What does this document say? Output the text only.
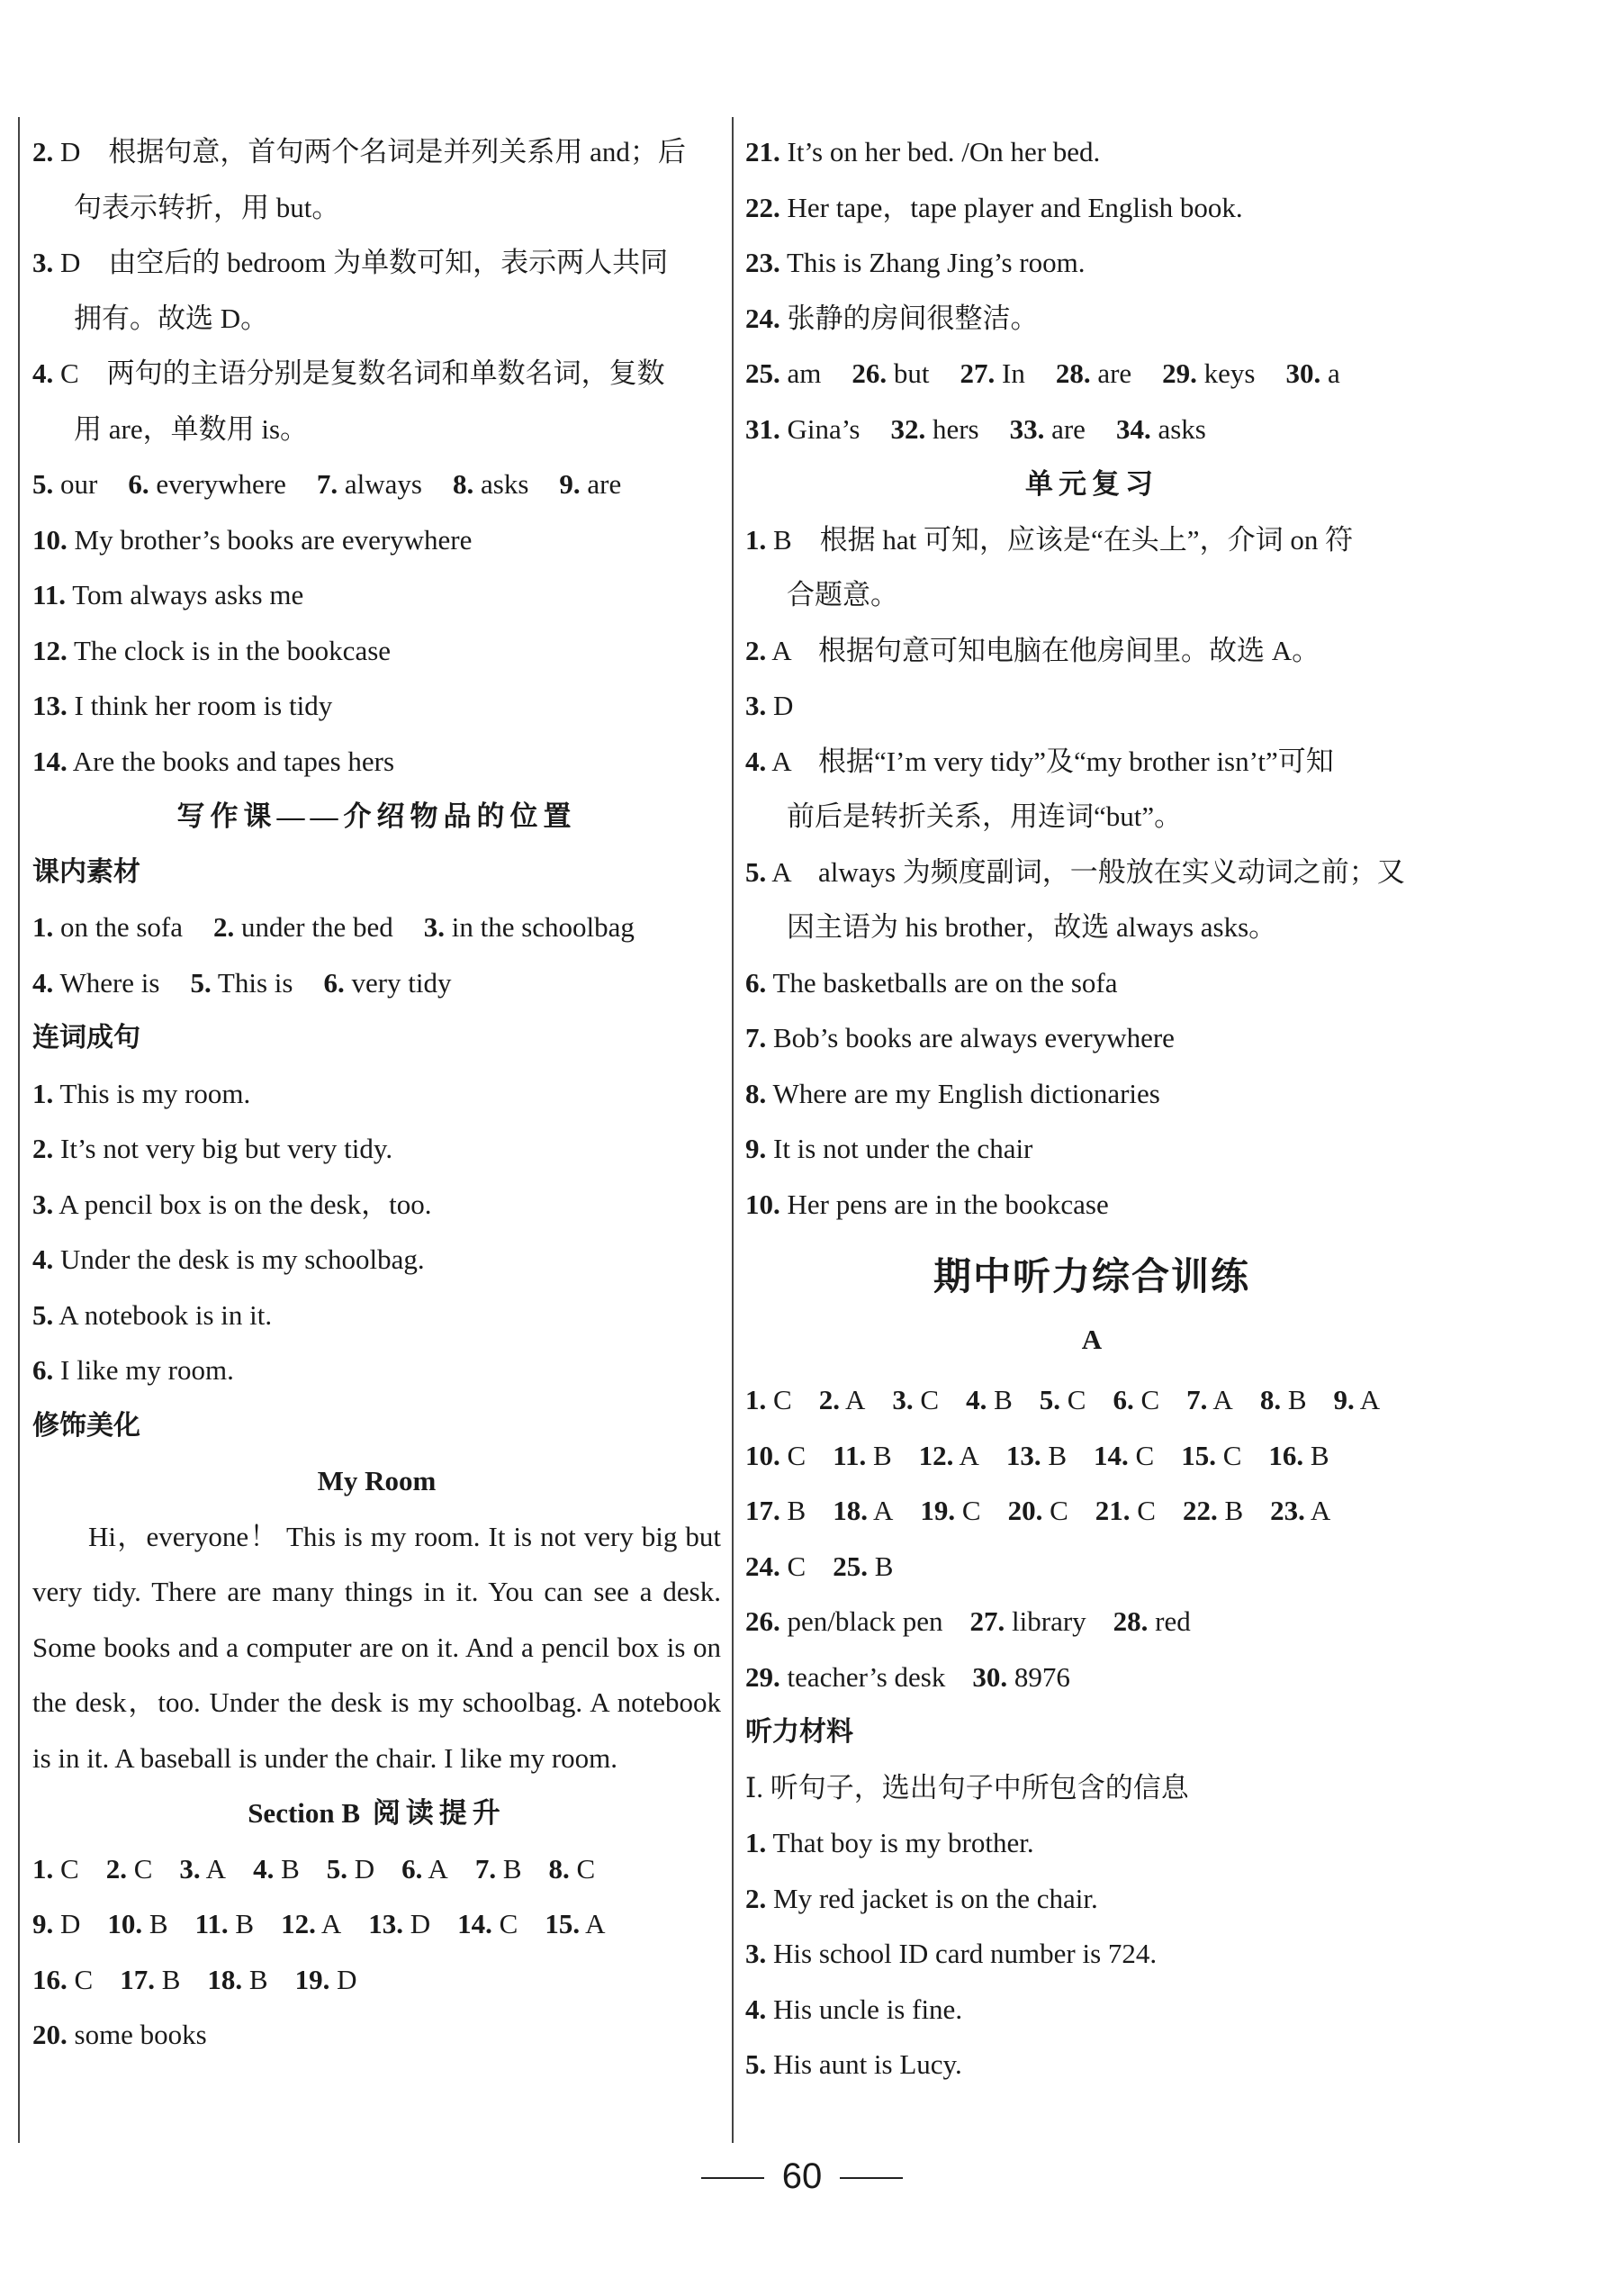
2. D　根据句意，首句两个名词是并列关系用 and；后
句表示转折，用 but。
3. D　由空后的 bedroom 为单数可知，表示两人共同
拥有。故选 D。
4. C　两句的主语分别是复数名词和单数名词，复数
用 are，单数用 is。
5. our 6. everywhere 7. always 8. asks 9. are
10. My brother’s books are everywhere
11. Tom always asks me
12. The clock is in the bookcase
13. I think her room is tidy
14. Are the books and tapes hers
写作课——介绍物品的位置
课内素材
1. on the sofa 2. under the bed 3. in the schoolbag
4. Where is 5. This is 6. very tidy
连词成句
1. This is my room.
2. It’s not very big but very tidy.
3. A pencil box is on the desk，too.
4. Under the desk is my schoolbag.
5. A notebook is in it.
6. I like my room.
修饰美化
My Room
Hi，everyone！ This is my room. It is not very big but very tidy. There are many things in it. You can see a desk. Some books and a computer are on it. And a pencil box is on the desk，too. Under the desk is my schoolbag. A notebook is in it. A baseball is under the chair. I like my room.
Section B 阅读提升
1. C 2. C 3. A 4. B 5. D 6. A 7. B 8. C
9. D 10. B 11. B 12. A 13. D 14. C 15. A
16. C 17. B 18. B 19. D
20. some books
21. It’s on her bed. /On her bed.
22. Her tape，tape player and English book.
23. This is Zhang Jing’s room.
24. 张静的房间很整洁。
25. am 26. but 27. In 28. are 29. keys 30. a
31. Gina’s 32. hers 33. are 34. asks
单元复习
1. B　根据 hat 可知，应该是“在头上”，介词 on 符
合题意。
2. A　根据句意可知电脑在他房间里。故选 A。
3. D
4. A　根据“I’m very tidy”及“my brother isn’t”可知
前后是转折关系，用连词“but”。
5. A　always 为频度副词，一般放在实义动词之前；又
因主语为 his brother，故选 always asks。
6. The basketballs are on the sofa
7. Bob’s books are always everywhere
8. Where are my English dictionaries
9. It is not under the chair
10. Her pens are in the bookcase
期中听力综合训练
A
1. C 2. A 3. C 4. B 5. C 6. C 7. A 8. B 9. A
10. C 11. B 12. A 13. B 14. C 15. C 16. B
17. B 18. A 19. C 20. C 21. C 22. B 23. A
24. C 25. B
26. pen/black pen 27. library 28. red
29. teacher’s desk 30. 8976
听力材料
Ⅰ. 听句子，选出句子中所包含的信息
1. That boy is my brother.
2. My red jacket is on the chair.
3. His school ID card number is 724.
4. His uncle is fine.
5. His aunt is Lucy.
60
